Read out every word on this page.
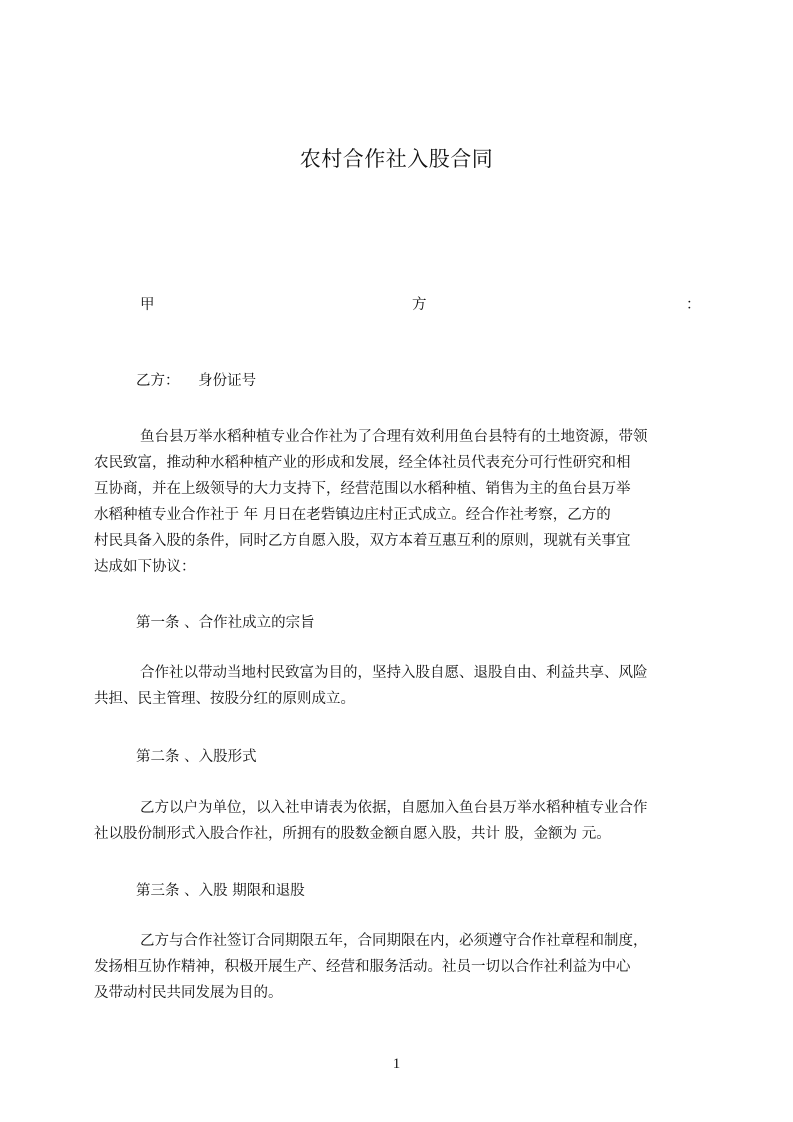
农村合作社入股合同
甲	方	：
乙方： 身份证号
鱼台县万举水稻种植专业合作社为了合理有效利用鱼台县特有的土地资源，带领
农民致富，推动种水稻种植产业的形成和发展，经全体社员代表充分可行性研究和相
互协商，并在上级领导的大力支持下，经营范围以水稻种植、销售为主的鱼台县万举
水稻种植专业合作社于 年 月日在老砦镇边庄村正式成立。经合作社考察，乙方的
村民具备入股的条件，同时乙方自愿入股，双方本着互惠互利的原则，现就有关事宜
达成如下协议：
第一条 、合作社成立的宗旨
合作社以带动当地村民致富为目的，坚持入股自愿、退股自由、利益共享、风险
共担、民主管理、按股分红的原则成立。
第二条 、入股形式
乙方以户为单位，以入社申请表为依据，自愿加入鱼台县万举水稻种植专业合作
社以股份制形式入股合作社，所拥有的股数金额自愿入股，共计 股，金额为 元。
第三条 、入股 期限和退股
乙方与合作社签订合同期限五年，合同期限在内，必须遵守合作社章程和制度，
发扬相互协作精神，积极开展生产、经营和服务活动。社员一切以合作社利益为中心
及带动村民共同发展为目的。
1
